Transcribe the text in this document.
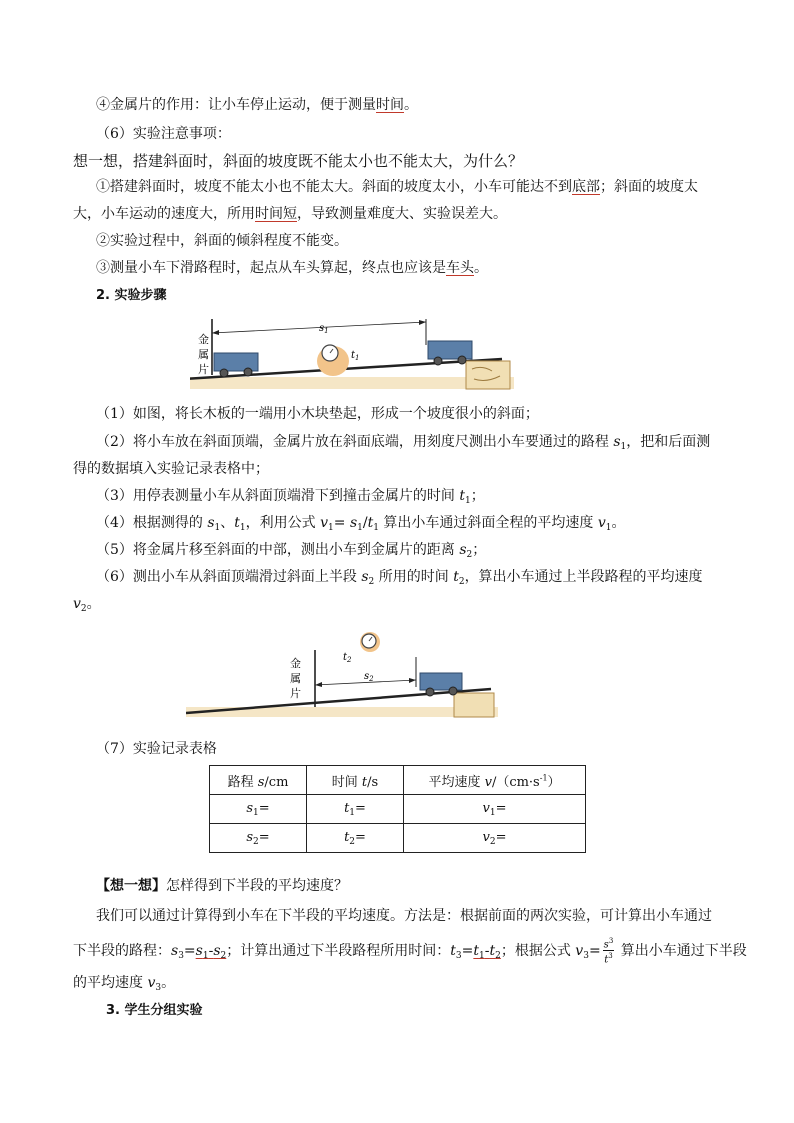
④金属片的作用：让小车停止运动，便于测量时间。
（6）实验注意事项：
想一想，搭建斜面时，斜面的坡度既不能太小也不能太大，为什么？
①搭建斜面时，坡度不能太小也不能太大。斜面的坡度太小，小车可能达不到底部；斜面的坡度太
大，小车运动的速度大，所用时间短，导致测量难度大、实验误差大。
②实验过程中，斜面的倾斜程度不能变。
③测量小车下滑路程时，起点从车头算起，终点也应该是车头。
2. 实验步骤
金
属
片
$s_1$
$t_1$
（1）如图，将长木板的一端用小木块垫起，形成一个坡度很小的斜面；
（2）将小车放在斜面顶端，金属片放在斜面底端，用刻度尺测出小车要通过的路程 $s_1$，把和后面测
得的数据填入实验记录表格中；
（3）用停表测量小车从斜面顶端滑下到撞击金属片的时间 $t_1$；
（4）根据测得的 $s_1$、$t_1$，利用公式 $v_1= s_1/t_1$ 算出小车通过斜面全程的平均速度 $v_1$。
（5）将金属片移至斜面的中部，测出小车到金属片的距离 $s_2$；
（6）测出小车从斜面顶端滑过斜面上半段 $s_2$ 所用的时间 $t_2$，算出小车通过上半段路程的平均速度
$v_2$。
$t_2$
金
属
片
$s_2$
（7）实验记录表格
路程 s/cm	时间 t/s	平均速度 $v/(cm\cdot s^{-1})$
$s_1=$	$t_1=$	$v_1=$
$s_2=$	$t_2=$	$v_2=$
【想一想】怎样得到下半段的平均速度？
我们可以通过计算得到小车在下半段的平均速度。方法是：根据前面的两次实验，可计算出小车通过
下半段的路程：$s_3=s_1-s_2$；计算出通过下半段路程所用时间：$t_3=t_1-t_2$；根据公式 $v_3= \frac{s^3}{t^3}$ 算出小车通过下半段
的平均速度 $v_3$。
3. 学生分组实验
